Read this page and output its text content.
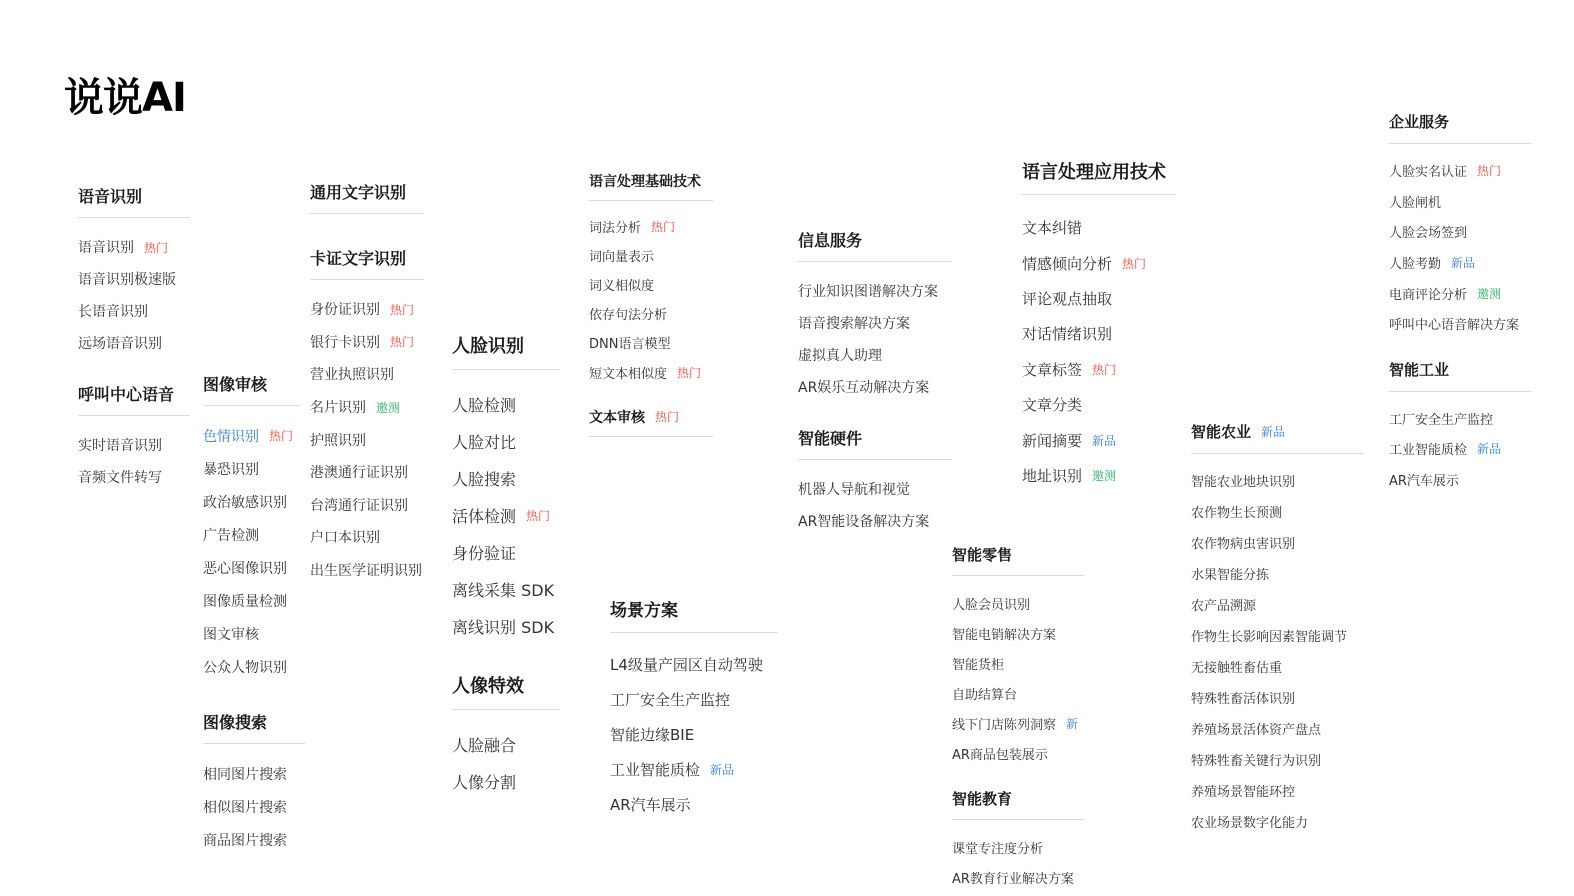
说说AI
语音识别
语音识别 热门
语音识别极速版
长语音识别
远场语音识别
呼叫中心语音
实时语音识别
音频文件转写
通用文字识别
卡证文字识别
身份证识别 热门
银行卡识别 热门
营业执照识别
名片识别 邀测
护照识别
港澳通行证识别
台湾通行证识别
户口本识别
出生医学证明识别
图像审核
色情识别 热门
暴恐识别
政治敏感识别
广告检测
恶心图像识别
图像质量检测
图文审核
公众人物识别
图像搜索
相同图片搜索
相似图片搜索
商品图片搜索
人脸识别
人脸检测
人脸对比
人脸搜索
活体检测 热门
身份验证
离线采集 SDK
离线识别 SDK
人像特效
人脸融合
人像分割
语言处理基础技术
词法分析 热门
词向量表示
词义相似度
依存句法分析
DNN语言模型
短文本相似度 热门
文本审核 热门
场景方案
L4级量产园区自动驾驶
工厂安全生产监控
智能边缘BIE
工业智能质检 新品
AR汽车展示
信息服务
行业知识图谱解决方案
语音搜索解决方案
虚拟真人助理
AR娱乐互动解决方案
智能硬件
机器人导航和视觉
AR智能设备解决方案
智能零售
人脸会员识别
智能电销解决方案
智能货柜
自助结算台
线下门店陈列洞察 新
AR商品包装展示
智能教育
课堂专注度分析
AR教育行业解决方案
语言处理应用技术
文本纠错
情感倾向分析 热门
评论观点抽取
对话情绪识别
文章标签 热门
文章分类
新闻摘要 新品
地址识别 邀测
智能农业 新品
智能农业地块识别
农作物生长预测
农作物病虫害识别
水果智能分拣
农产品溯源
作物生长影响因素智能调节
无接触牲畜估重
特殊牲畜活体识别
养殖场景活体资产盘点
特殊牲畜关键行为识别
养殖场景智能环控
农业场景数字化能力
企业服务
人脸实名认证 热门
人脸闸机
人脸会场签到
人脸考勤 新品
电商评论分析 邀测
呼叫中心语音解决方案
智能工业
工厂安全生产监控
工业智能质检 新品
AR汽车展示
